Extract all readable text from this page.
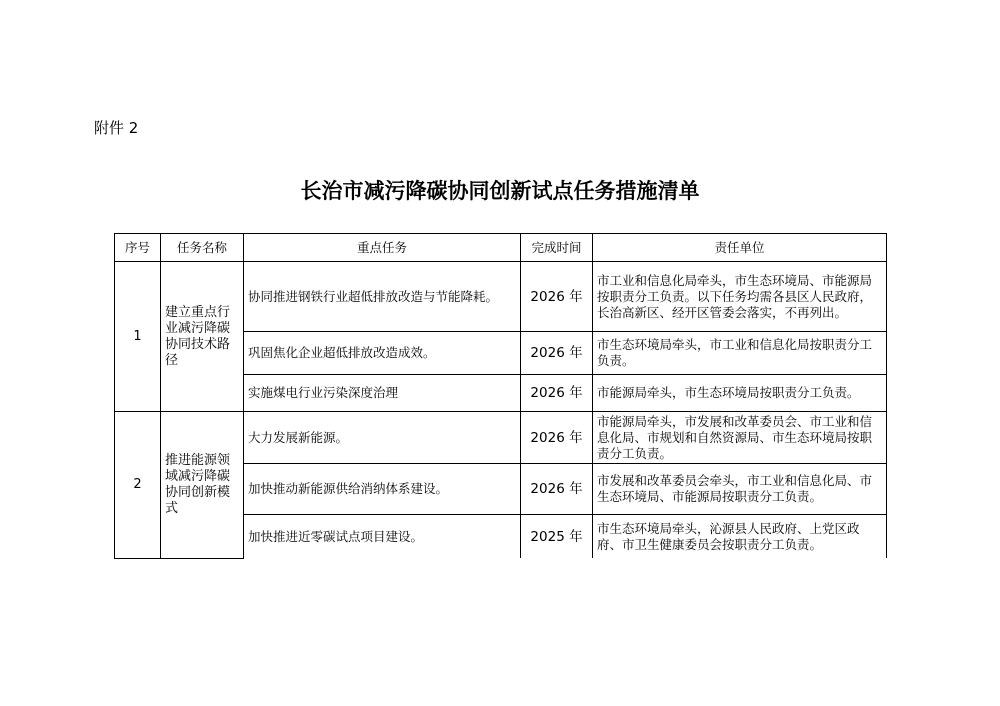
附件 2
长治市减污降碳协同创新试点任务措施清单
序号	任务名称	重点任务	完成时间	责任单位
1	建立重点行业减污降碳协同技术路径	协同推进钢铁行业超低排放改造与节能降耗。	2026 年	市工业和信息化局牵头，市生态环境局、市能源局按职责分工负责。以下任务均需各县区人民政府，长治高新区、经开区管委会落实，不再列出。
		巩固焦化企业超低排放改造成效。	2026 年	市生态环境局牵头，市工业和信息化局按职责分工负责。
		实施煤电行业污染深度治理	2026 年	市能源局牵头，市生态环境局按职责分工负责。
2	推进能源领域减污降碳协同创新模式	大力发展新能源。	2026 年	市能源局牵头，市发展和改革委员会、市工业和信息化局、市规划和自然资源局、市生态环境局按职责分工负责。
		加快推动新能源供给消纳体系建设。	2026 年	市发展和改革委员会牵头，市工业和信息化局、市生态环境局、市能源局按职责分工负责。
		加快推进近零碳试点项目建设。	2025 年	市生态环境局牵头，沁源县人民政府、上党区政府、市卫生健康委员会按职责分工负责。
